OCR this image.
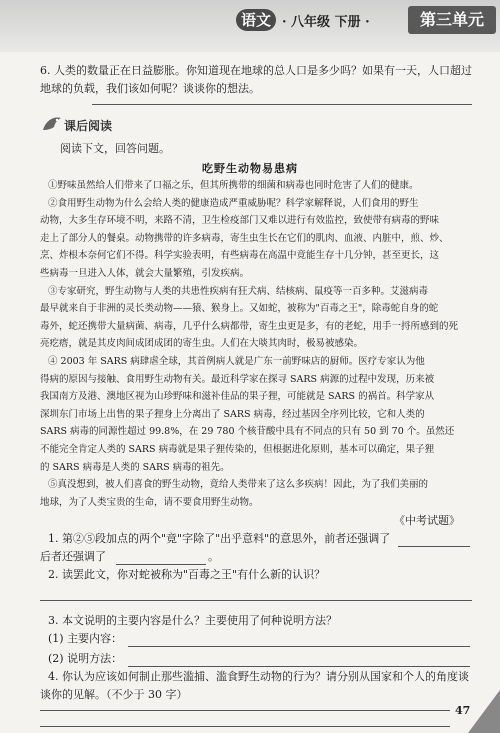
语文 · 八年级 下册 ·	第三单元
6. 人类的数量正在日益膨胀。你知道现在地球的总人口是多少吗？如果有一天，人口超过
地球的负载，我们该如何呢？谈谈你的想法。
课后阅读
阅读下文，回答问题。
吃野生动物易患病
①野味虽然给人们带来了口福之乐，但其所携带的细菌和病毒也同时危害了人们的健康。
②食用野生动物为什么会给人类的健康造成严重威胁呢？科学家解释说，人们食用的野生
动物，大多生存环境不明，来路不清，卫生检疫部门又难以进行有效监控，致使带有病毒的野味
走上了部分人的餐桌。动物携带的许多病毒，寄生虫生长在它们的肌肉、血液、内脏中，煎、炒、
烹、炸根本奈何它们不得。科学实验表明，有些病毒在高温中竟能生存十几分钟，甚至更长，这
些病毒一旦进入人体，就会大量繁殖，引发疾病。
③专家研究，野生动物与人类的共患性疾病有狂犬病、结核病、鼠疫等一百多种。艾滋病毒
最早就来自于非洲的灵长类动物——猿、猴身上。又如蛇，被称为"百毒之王"，除毒蛇自身的蛇
毒外，蛇还携带大量病菌、病毒，几乎什么病都带，寄生虫更是多，有的老蛇，用手一捋所感到的死
亮疙瘩，就是其皮肉间成团成团的寄生虫。人们在大啖其肉时，极易被感染。
④ 2003 年 SARS 病肆虐全球，其首例病人就是广东一前野味店的厨师。医疗专家认为他
得病的原因与接触、食用野生动物有关。最近科学家在探寻 SARS 病源的过程中发现，历来被
我国南方及港、澳地区视为山珍野味和滋补佳品的果子狸，可能就是 SARS 的祸首。科学家从
深圳东门市场上出售的果子狸身上分离出了 SARS 病毒，经过基因全序列比较，它和人类的
SARS 病毒的同源性超过 99.8%，在 29 780 个核苷酸中具有不同点的只有 50 到 70 个。虽然还
不能完全肯定人类的 SARS 病毒就是果子狸传染的，但根据进化原则，基本可以确定，果子狸
的 SARS 病毒是人类的 SARS 病毒的祖先。
⑤真没想到，被人们喜食的野生动物，竟给人类带来了这么多疾病！因此，为了我们美丽的
地球，为了人类宝贵的生命，请不要食用野生动物。
《中考试题》
1. 第②⑤段加点的两个"竟"字除了"出乎意料"的意思外，前者还强调了
后者还强调了	。
2. 读罢此文，你对蛇被称为"百毒之王"有什么新的认识？
3. 本文说明的主要内容是什么？主要使用了何种说明方法？
(1) 主要内容：
(2) 说明方法：
4. 你认为应该如何制止那些滥捕、滥食野生动物的行为？请分别从国家和个人的角度谈
谈你的见解。（不少于 30 字）
47
